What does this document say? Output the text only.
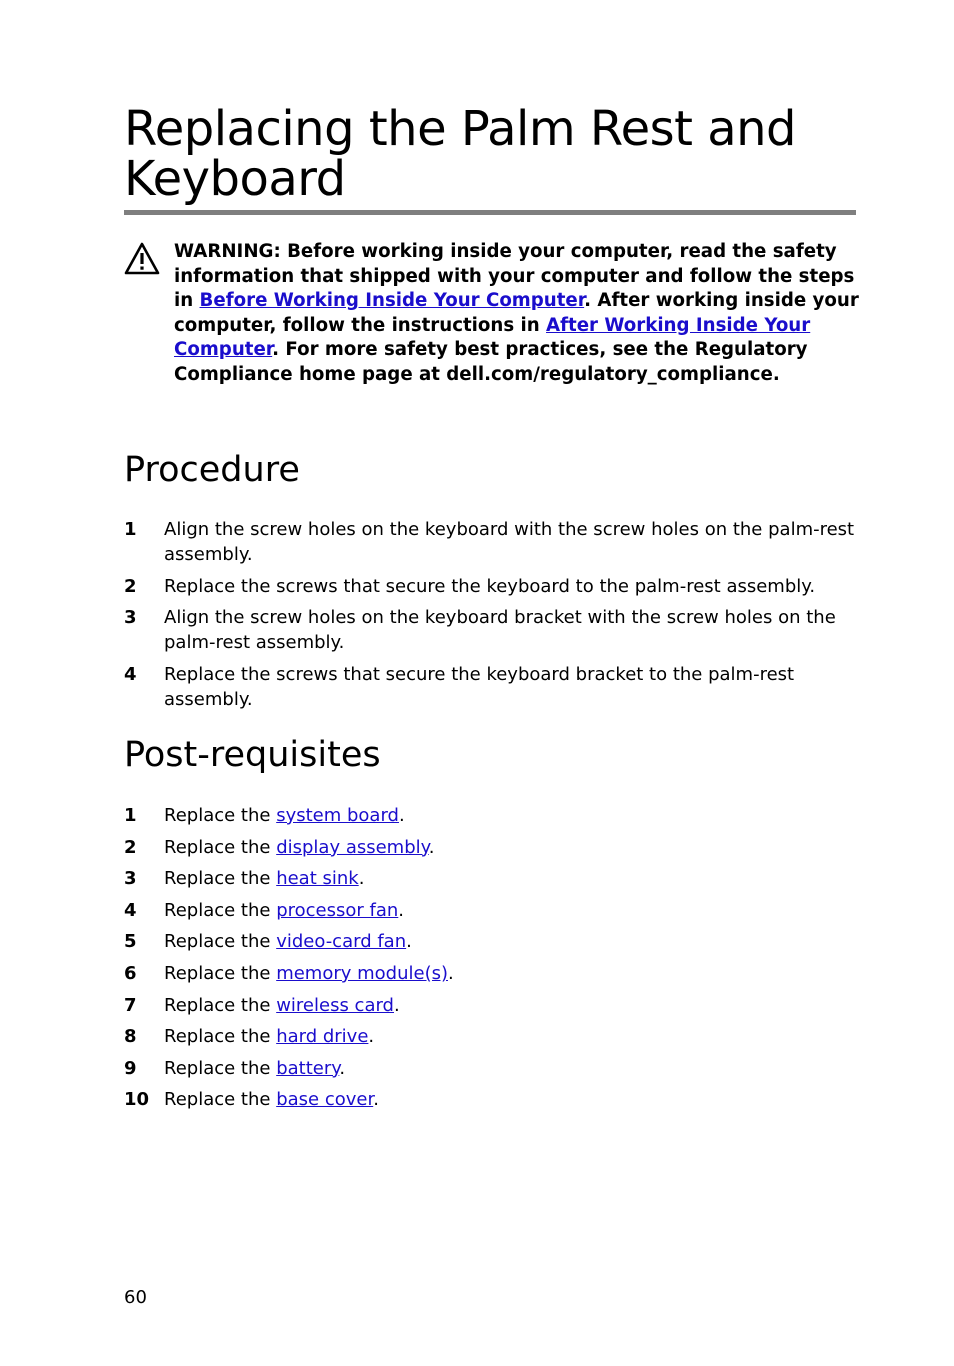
Replacing the Palm Rest and Keyboard
WARNING: Before working inside your computer, read the safety information that shipped with your computer and follow the steps in Before Working Inside Your Computer. After working inside your computer, follow the instructions in After Working Inside Your Computer. For more safety best practices, see the Regulatory Compliance home page at dell.com/regulatory_compliance.
Procedure
1 Align the screw holes on the keyboard with the screw holes on the palm-rest assembly.
2 Replace the screws that secure the keyboard to the palm-rest assembly.
3 Align the screw holes on the keyboard bracket with the screw holes on the palm-rest assembly.
4 Replace the screws that secure the keyboard bracket to the palm-rest assembly.
Post-requisites
1 Replace the system board.
2 Replace the display assembly.
3 Replace the heat sink.
4 Replace the processor fan.
5 Replace the video-card fan.
6 Replace the memory module(s).
7 Replace the wireless card.
8 Replace the hard drive.
9 Replace the battery.
10 Replace the base cover.
60
